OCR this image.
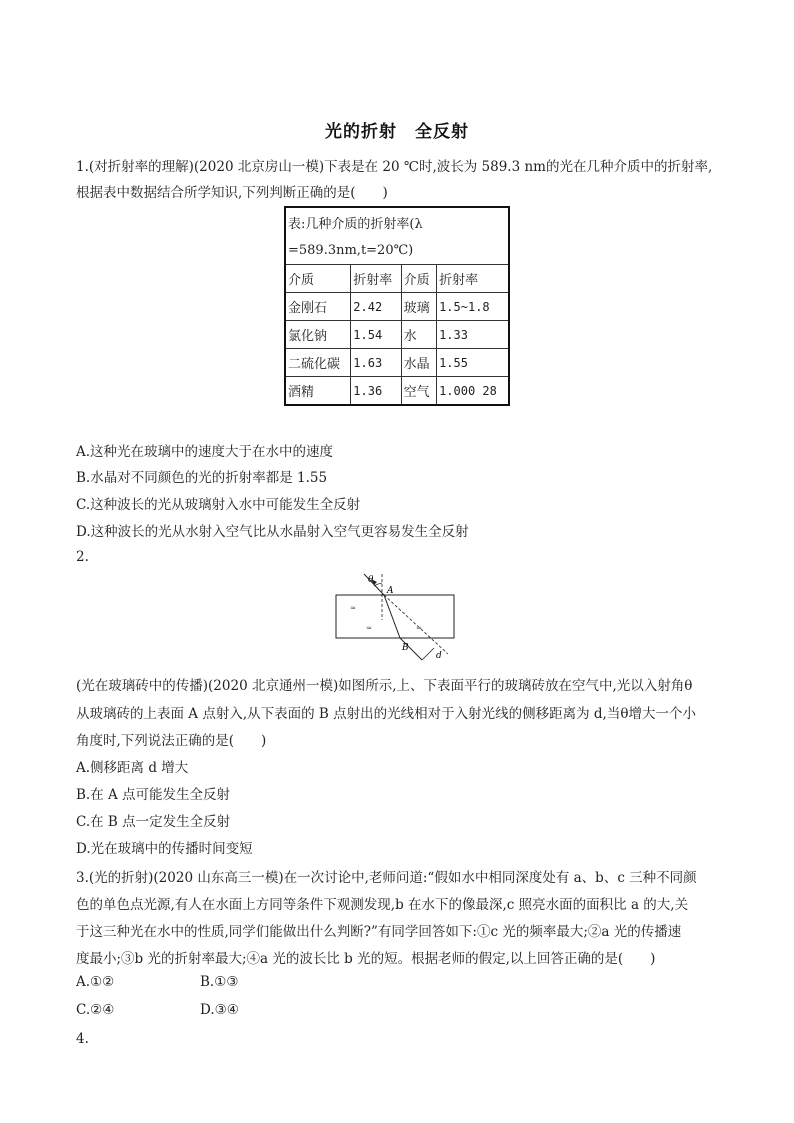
光的折射　全反射
1.(对折射率的理解)(2020 北京房山一模)下表是在 20 ℃时,波长为 589.3 nm的光在几种介质中的折射率,
根据表中数据结合所学知识,下列判断正确的是(　　)
表:几种介质的折射率(λ			
=589.3nm,t=20℃)			
介质	折射率	介质	折射率
金刚石	2.42	玻璃	1.5~1.8
氯化钠	1.54	水	1.33
二硫化碳	1.63	水晶	1.55
酒精	1.36	空气	1.000 28
A.这种光在玻璃中的速度大于在水中的速度
B.水晶对不同颜色的光的折射率都是 1.55
C.这种波长的光从玻璃射入水中可能发生全反射
D.这种波长的光从水射入空气比从水晶射入空气更容易发生全反射
2.
≈
≈	≈
θ
A
B
d
(光在玻璃砖中的传播)(2020 北京通州一模)如图所示,上、下表面平行的玻璃砖放在空气中,光以入射角θ
从玻璃砖的上表面 A 点射入,从下表面的 B 点射出的光线相对于入射光线的侧移距离为 d,当θ增大一个小
角度时,下列说法正确的是(　　)
A.侧移距离 d 增大
B.在 A 点可能发生全反射
C.在 B 点一定发生全反射
D.光在玻璃中的传播时间变短
3.(光的折射)(2020 山东高三一模)在一次讨论中,老师问道:“假如水中相同深度处有 a、b、c 三种不同颜
色的单色点光源,有人在水面上方同等条件下观测发现,b 在水下的像最深,c 照亮水面的面积比 a 的大,关
于这三种光在水中的性质,同学们能做出什么判断?”有同学回答如下:①c 光的频率最大;②a 光的传播速
度最小;③b 光的折射率最大;④a 光的波长比 b 光的短。根据老师的假定,以上回答正确的是(　　)
A.①②	B.①③
C.②④	D.③④
4.
